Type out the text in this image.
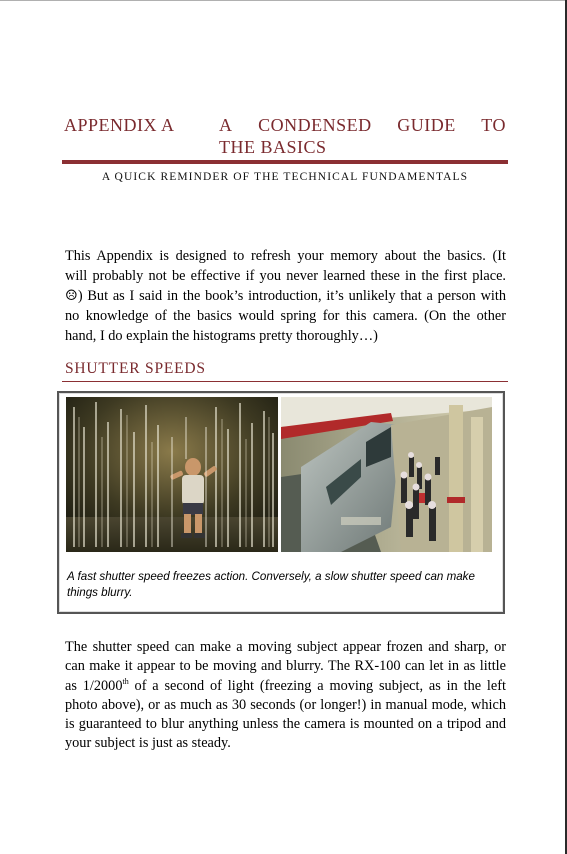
APPENDIX A A CONDENSED GUIDE TO
THE BASICS
A QUICK REMINDER OF THE TECHNICAL FUNDAMENTALS
This Appendix is designed to refresh your memory about the basics. (It
will probably not be effective if you never learned these in the first place.
☹) But as I said in the book’s introduction, it’s unlikely that a person with
no knowledge of the basics would spring for this camera. (On the other
hand, I do explain the histograms pretty thoroughly…)
SHUTTER SPEEDS
A fast shutter speed freezes action. Conversely, a slow shutter speed can make
things blurry.
The shutter speed can make a moving subject appear frozen and sharp, or
can make it appear to be moving and blurry. The RX-100 can let in as little
as 1/2000th of a second of light (freezing a moving subject, as in the left
photo above), or as much as 30 seconds (or longer!) in manual mode, which
is guaranteed to blur anything unless the camera is mounted on a tripod and
your subject is just as steady.
